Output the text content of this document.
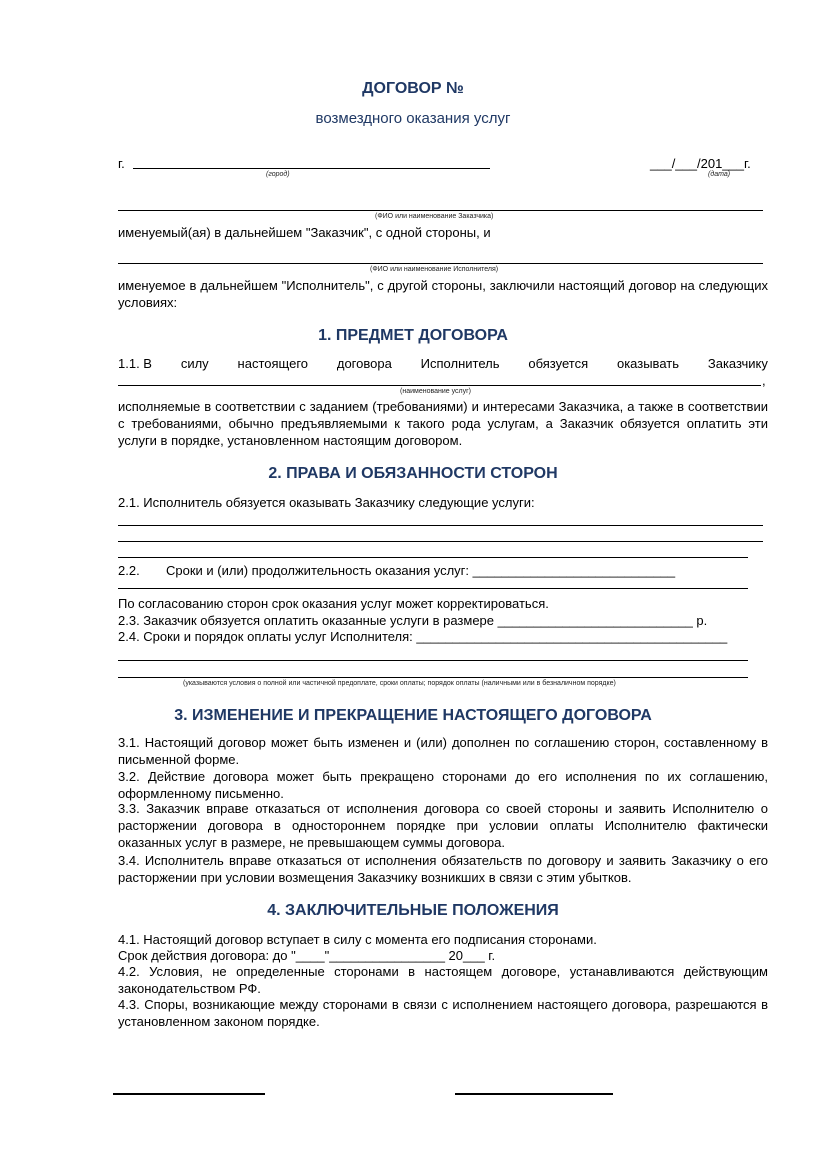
ДОГОВОР №
возмездного оказания услуг
г.
(город)
___/___/201___г.
(дата)
(ФИО или наименование Заказчика)
именуемый(ая) в дальнейшем "Заказчик", с одной стороны, и
(ФИО или наименование Исполнителя)
именуемое в дальнейшем "Исполнитель", с другой стороны, заключили настоящий договор на следующих условиях:
1. ПРЕДМЕТ ДОГОВОРА
1.1. В силу настоящего договора Исполнитель обязуется оказывать Заказчику
,
(наименование услуг)
исполняемые в соответствии с заданием (требованиями) и интересами Заказчика, а также в соответствии с требованиями, обычно предъявляемыми к такого рода услугам, а Заказчик обязуется оплатить эти услуги в порядке, установленном настоящим договором.
2. ПРАВА И ОБЯЗАННОСТИ СТОРОН
2.1. Исполнитель обязуется оказывать Заказчику следующие услуги:
2.2. Сроки и (или) продолжительность оказания услуг: ____________________________
По согласованию сторон срок оказания услуг может корректироваться.
2.3. Заказчик обязуется оплатить оказанные услуги в размере ___________________________ р.
2.4. Сроки и порядок оплаты услуг Исполнителя: ___________________________________________
(указываются условия о полной или частичной предоплате, сроки оплаты; порядок оплаты (наличными или в безналичном порядке)
3. ИЗМЕНЕНИЕ И ПРЕКРАЩЕНИЕ НАСТОЯЩЕГО ДОГОВОРА
3.1. Настоящий договор может быть изменен и (или) дополнен по соглашению сторон, составленному в письменной форме.
3.2. Действие договора может быть прекращено сторонами до его исполнения по их соглашению, оформленному письменно.
3.3. Заказчик вправе отказаться от исполнения договора со своей стороны и заявить Исполнителю о расторжении договора в одностороннем порядке при условии оплаты Исполнителю фактически оказанных услуг в размере, не превышающем суммы договора.
3.4. Исполнитель вправе отказаться от исполнения обязательств по договору и заявить Заказчику о его расторжении при условии возмещения Заказчику возникших в связи с этим убытков.
4. ЗАКЛЮЧИТЕЛЬНЫЕ ПОЛОЖЕНИЯ
4.1. Настоящий договор вступает в силу с момента его подписания сторонами.
Срок действия договора: до "____"________________ 20___ г.
4.2. Условия, не определенные сторонами в настоящем договоре, устанавливаются действующим законодательством РФ.
4.3. Споры, возникающие между сторонами в связи с исполнением настоящего договора, разрешаются в установленном законом порядке.
